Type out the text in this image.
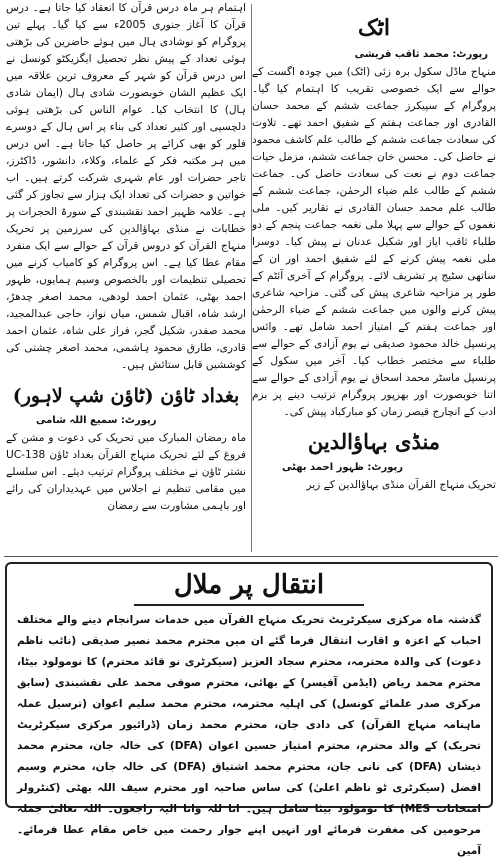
اٹک

رپورٹ: محمد ثاقب قریشی

منہاج ماڈل سکول برہ زئی (اٹک) میں چودہ اگست کے حوالے سے ایک خصوصی تقریب کا اہتمام کیا گیا۔ پروگرام کے سپیکرز جماعت ششم کے محمد حسان القادری اور جماعت ہفتم کے شفیق احمد تھے۔ تلاوت کی سعادت جماعت ششم کے طالب علم کاشف محمود نے حاصل کی۔ محسن خان جماعت ششم، مزمل حیات جماعت دوم نے نعت کی سعادت حاصل کی۔ جماعت ششم کے طالب علم ضیاء الرحمٰن، جماعت ششم کے طالب علم محمد حسان القادری نے تقاریر کیں۔ ملی نغموں کے حوالے سے پہلا ملی نغمہ جماعت پنجم کے دو طلباء ثاقب ایاز اور شکیل عدنان نے پیش کیا۔ دوسرا ملی نغمہ پیش کرنے کے لئے شفیق احمد اور ان کے ساتھی سٹیج پر تشریف لائے۔ پروگرام کے آخری آئٹم کے طور پر مزاحیہ شاعری پیش کی گئی۔ مزاحیہ شاعری پیش کرنے والوں میں جماعت ششم کے ضیاء الرحمٰن اور جماعت ہفتم کے امتیاز احمد شامل تھے۔ وائس پرنسپل خالد محمود صدیقی نے یوم آزادی کے حوالے سے طلباء سے مختصر خطاب کیا۔ آخر میں سکول کے پرنسپل ماسٹر محمد اسحاق نے یوم آزادی کے حوالے سے اتنا خوبصورت اور بھرپور پروگرام ترتیب دینے پر بزم ادب کے انچارج قیصر زمان کو مبارکباد پیش کی۔

منڈی بہاؤالدین

رپورٹ: ظہور احمد بھٹی

تحریک منہاج القرآن منڈی بہاؤالدین کے زیر

اہتمام ہر ماہ درس قرآن کا انعقاد کیا جاتا ہے۔ درس قرآن کا آغاز جنوری 2005ء سے کیا گیا۔ پہلے تین پروگرام کو نوشادی ہال میں ہوئے حاضرین کی بڑھتی ہوئی تعداد کے پیش نظر تحصیل ایگزیکٹو کونسل نے اس درس قرآن کو شہر کے معروف ترین علاقہ میں ایک عظیم الشان خوبصورت شادی ہال (ایمان شادی ہال) کا انتخاب کیا۔ عوام الناس کی بڑھتی ہوئی دلچسپی اور کثیر تعداد کی بناء پر اس ہال کے دوسرے فلور کو بھی کرائے پر حاصل کیا جاتا ہے۔ اس درس میں ہر مکتبہ فکر کے علماء، وکلاء، دانشور، ڈاکٹرز، تاجر حضرات اور عام شہری شرکت کرتے ہیں۔ اب خواتین و حضرات کی تعداد ایک ہزار سے تجاوز کر گئی ہے۔ علامہ ظہیر احمد نقشبندی کے سورۃ الحجرات پر خطابات نے منڈی بہاؤالدین کی سرزمین پر تحریک منہاج القرآن کو دروس قرآن کے حوالے سے ایک منفرد مقام عطا کیا ہے۔ اس پروگرام کو کامیاب کرنے میں تحصیلی تنظیمات اور بالخصوص وسیم ہمایوں، ظہور احمد بھٹی، عثمان احمد لودھی، محمد اصغر چدھڑ، ارشد شاہ، اقبال شمس، میاں نواز، حاجی عبدالمجید، محمد صفدر، شکیل گجر، فراز علی شاہ، عثمان احمد قادری، طارق محمود ہاشمی، محمد اصغر چشتی کی کوششیں قابل ستائش ہیں۔

بغداد ٹاؤن (ٹاؤن شپ لاہور)

رپورٹ: سمیع اللہ شامی

ماہ رمضان المبارک میں تحریک کی دعوت و مشن کے فروغ کے لئے تحریک منہاج القرآن بغداد ٹاؤن UC-138 نشتر ٹاؤن نے مختلف پروگرام ترتیب دیئے۔ اس سلسلے میں مقامی تنظیم نے اجلاس میں عہدیداران کی رائے اور باہمی مشاورت سے رمضان

انتقال پر ملال

گذشتہ ماہ مرکزی سیکرٹریٹ تحریک منہاج القرآن میں خدمات سرانجام دینے والے مختلف احباب کے اعزہ و اقارب انتقال فرما گئے ان میں محترم محمد نصیر صدیقی (نائب ناظم دعوت) کی والدہ محترمہ، محترم سجاد العزیز (سیکرٹری نو قائد محترم) کا نومولود بیٹا، محترم محمد ریاض (ایڈمن آفیسر) کے بھائی، محترم صوفی محمد علی نقشبندی (سابق مرکزی صدر علمائے کونسل) کی اہلیہ محترمہ، محترم محمد سلیم اعوان (ترسیل عملہ ماہنامہ منہاج القرآن) کی دادی جان، محترم محمد زمان (ڈرائیور مرکزی سیکرٹریٹ تحریک) کے والد محترم، محترم امتیاز حسین اعوان (DFA) کی خالہ جان، محترم محمد ذیشان (DFA) کی نانی جان، محترم محمد اشتیاق (DFA) کی خالہ جان، محترم وسیم افضل (سیکرٹری ٹو ناظم اعلیٰ) کی ساس صاحبہ اور محترم سیف اللہ بھٹی (کنٹرولر امتحانات MES) کا نومولود بیٹا شامل ہیں۔ انا للہ وانا الیہ راجعون۔ اللہ تعالیٰ جملہ مرحومین کی مغفرت فرمائے اور انہیں اپنے جوار رحمت میں خاص مقام عطا فرمائے۔ آمین
